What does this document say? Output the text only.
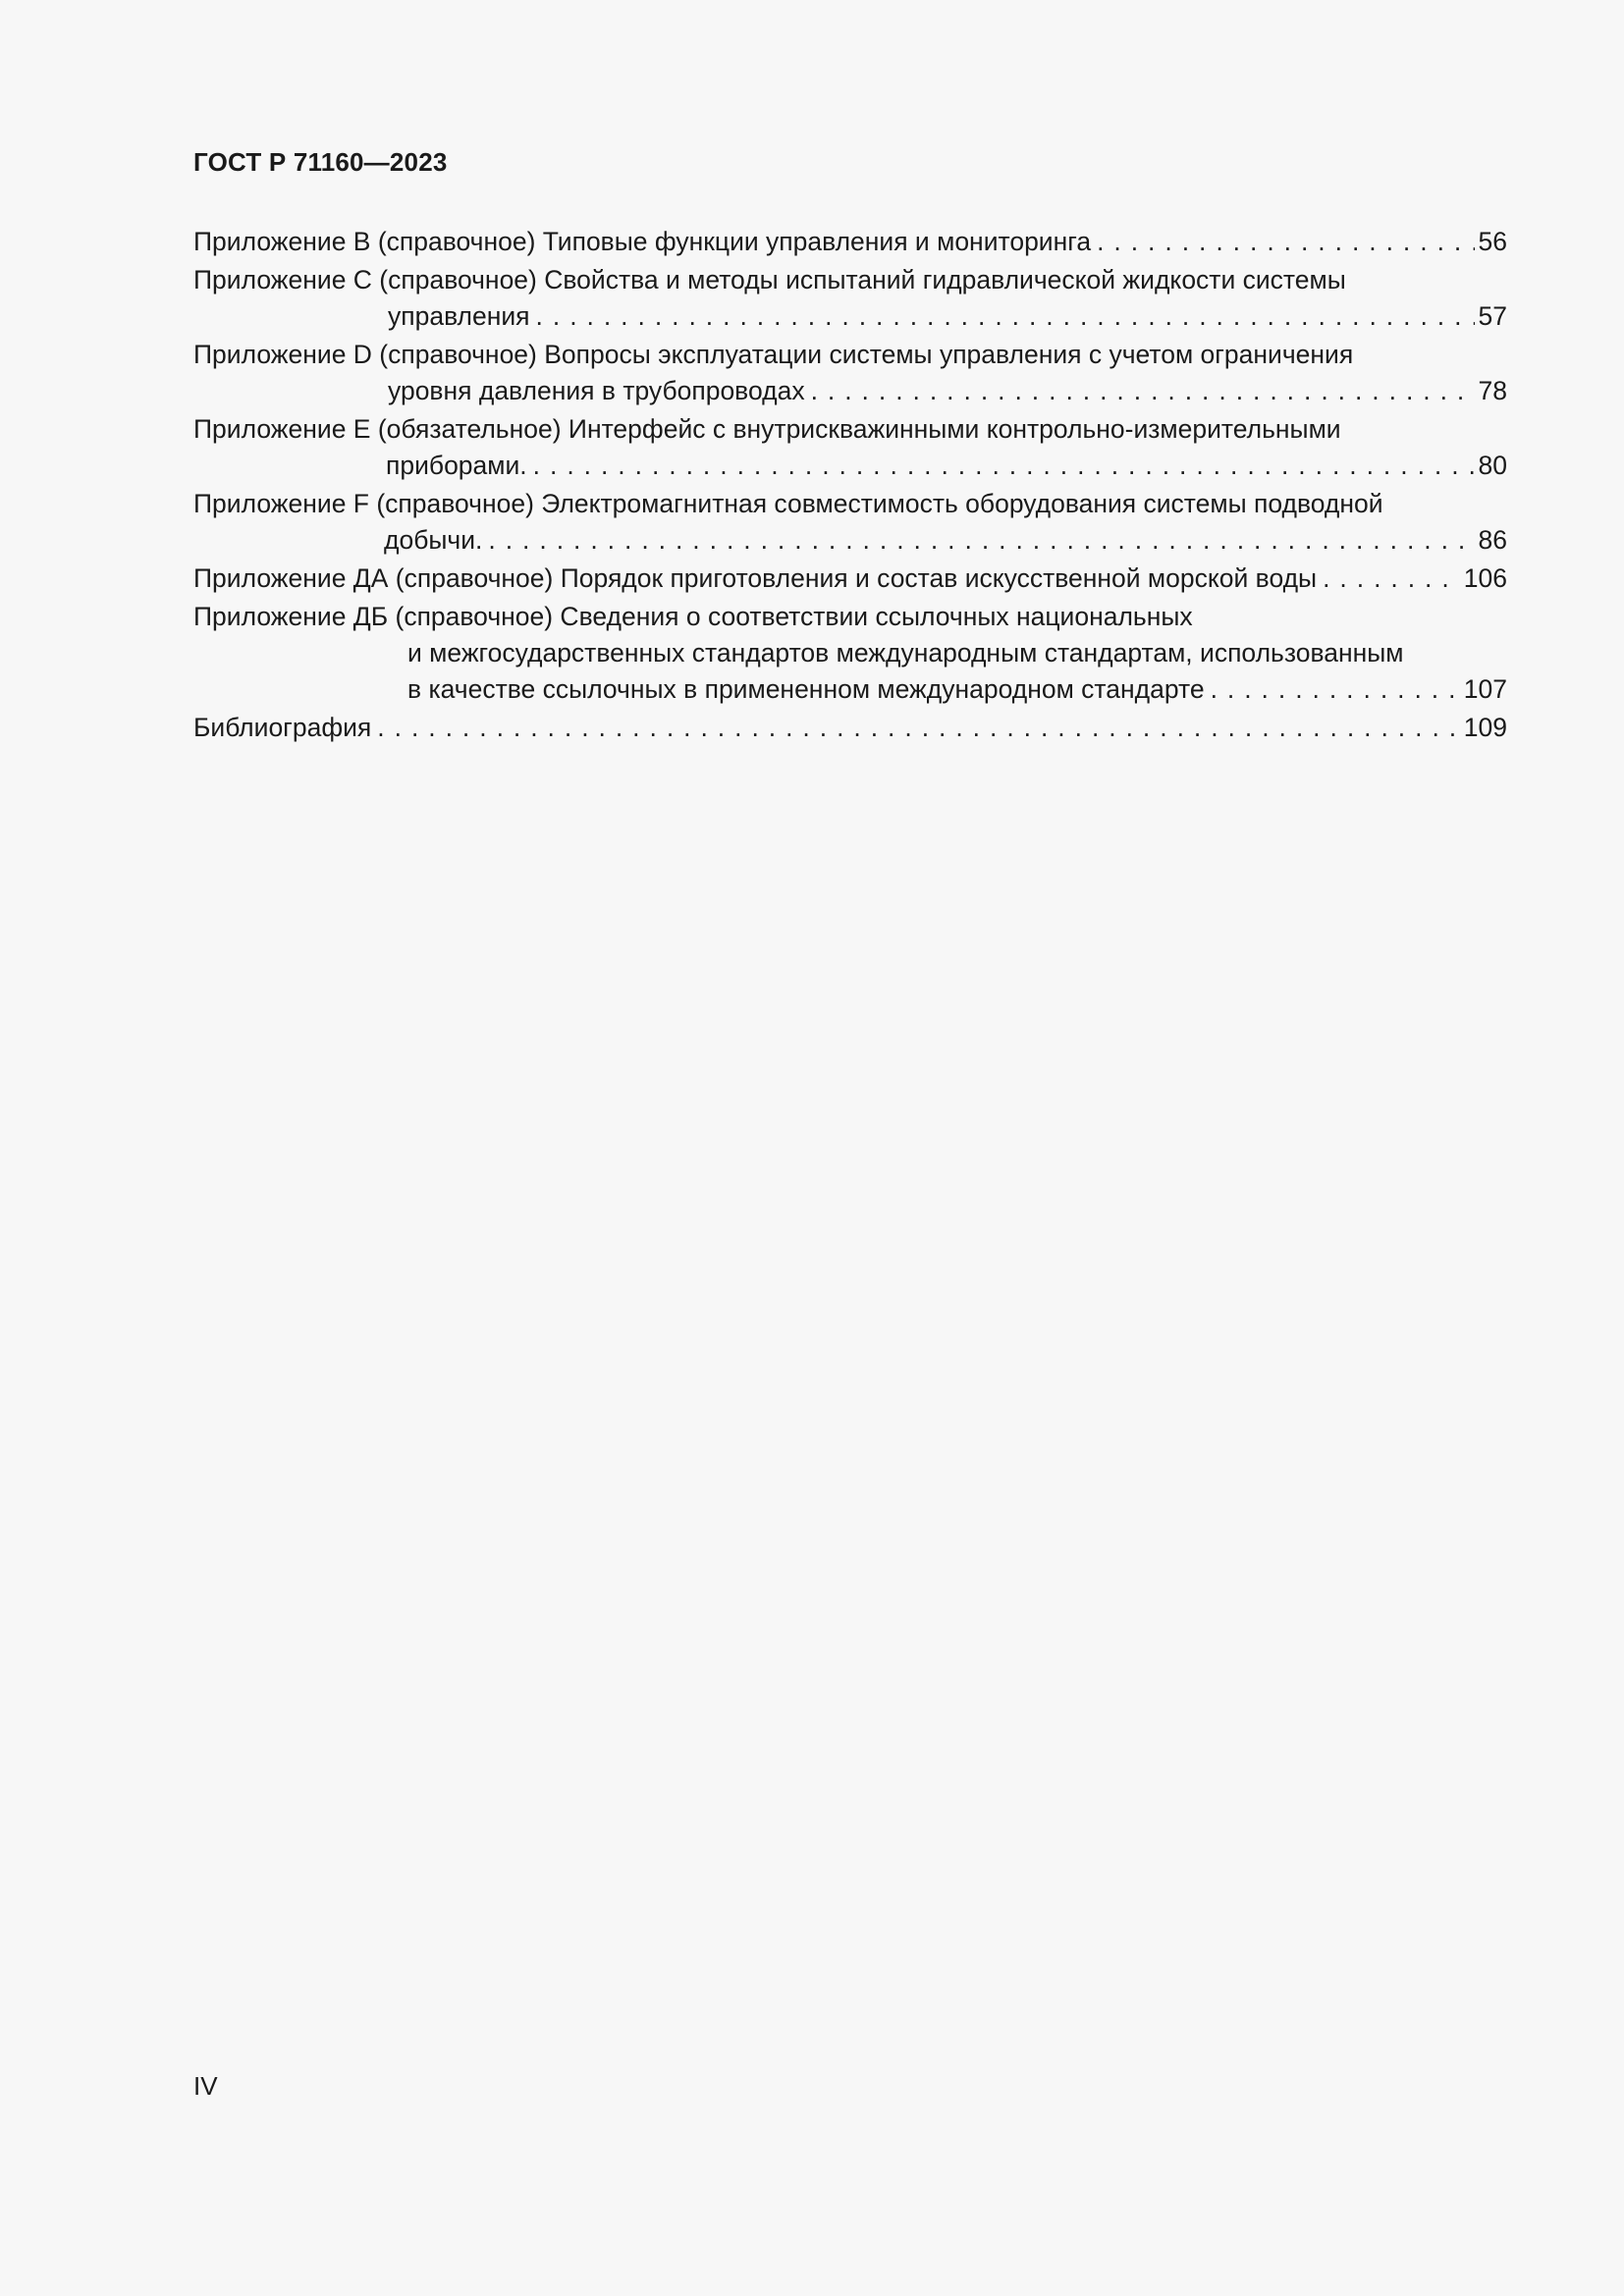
ГОСТ Р 71160—2023
Приложение B (справочное) Типовые функции управления и мониторинга . . .	56
Приложение C (справочное) Свойства и методы испытаний гидравлической жидкости системы
управления . . .	57
Приложение D (справочное) Вопросы эксплуатации системы управления с учетом ограничения
уровня давления в трубопроводах . . .	78
Приложение E (обязательное) Интерфейс с внутрискважинными контрольно-измерительными
приборами. . . .	80
Приложение F (справочное) Электромагнитная совместимость оборудования системы подводной
добычи. . . .	86
Приложение ДА (справочное) Порядок приготовления и состав искусственной морской воды . . .	106
Приложение ДБ (справочное) Сведения о соответствии ссылочных национальных
и межгосударственных стандартов международным стандартам, использованным
в качестве ссылочных в примененном международном стандарте . . .	107
Библиография . . .	109
IV
